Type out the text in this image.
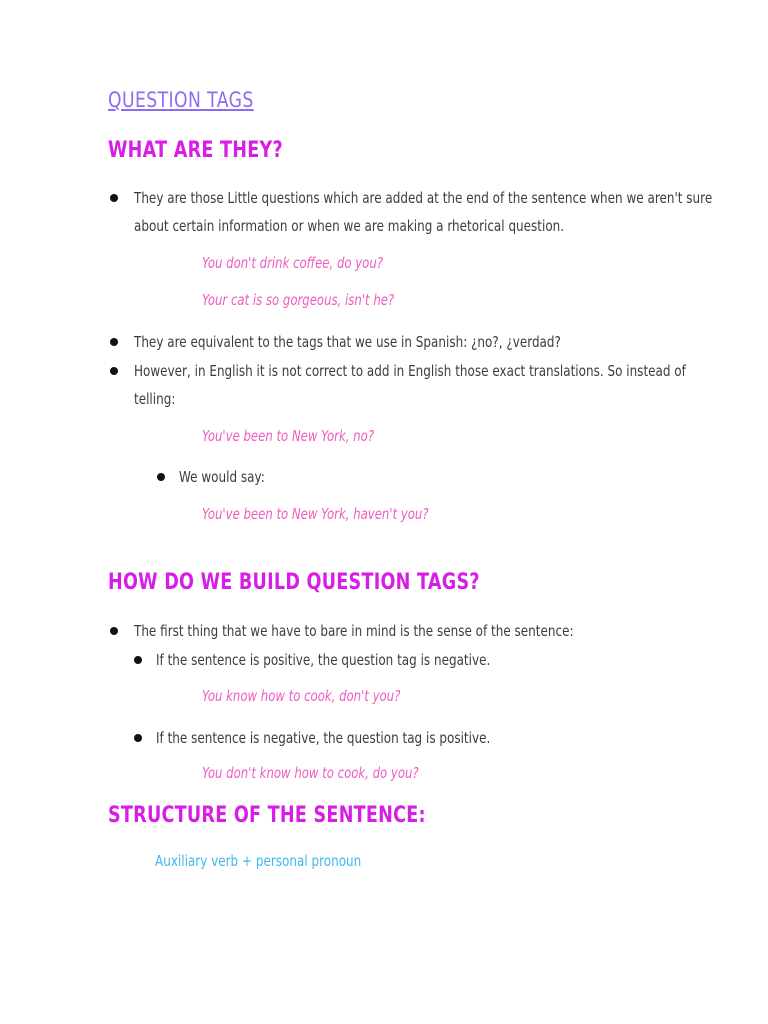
QUESTION TAGS
WHAT ARE THEY?
They are those Little questions which are added at the end of the sentence when we aren't sure
about certain information or when we are making a rhetorical question.
You don't drink coffee, do you?
Your cat is so gorgeous, isn't he?
They are equivalent to the tags that we use in Spanish: ¿no?, ¿verdad?
However, in English it is not correct to add in English those exact translations. So instead of
telling:
You've been to New York, no?
We would say:
You've been to New York, haven't you?
HOW DO WE BUILD QUESTION TAGS?
The first thing that we have to bare in mind is the sense of the sentence:
If the sentence is positive, the question tag is negative.
You know how to cook, don't you?
If the sentence is negative, the question tag is positive.
You don't know how to cook, do you?
STRUCTURE OF THE SENTENCE:
Auxiliary verb + personal pronoun
